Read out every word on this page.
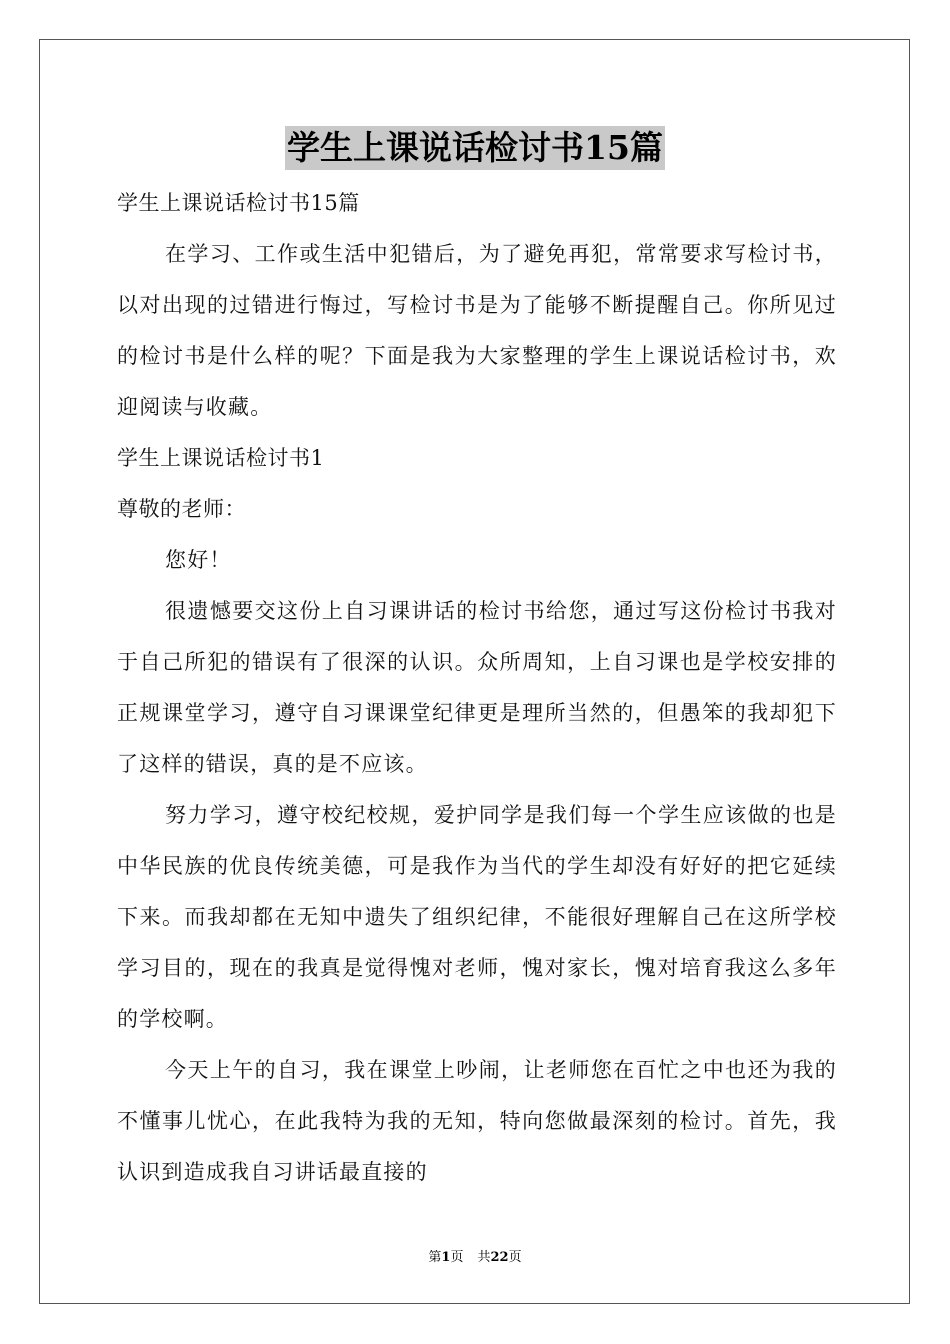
学生上课说话检讨书15篇

学生上课说话检讨书15篇

在学习、工作或生活中犯错后，为了避免再犯，常常要求写检讨书，以对出现的过错进行悔过，写检讨书是为了能够不断提醒自己。你所见过的检讨书是什么样的呢？下面是我为大家整理的学生上课说话检讨书，欢迎阅读与收藏。

学生上课说话检讨书1

尊敬的老师：

您好！

很遗憾要交这份上自习课讲话的检讨书给您，通过写这份检讨书我对于自己所犯的错误有了很深的认识。众所周知，上自习课也是学校安排的正规课堂学习，遵守自习课课堂纪律更是理所当然的，但愚笨的我却犯下了这样的错误，真的是不应该。

努力学习，遵守校纪校规，爱护同学是我们每一个学生应该做的也是中华民族的优良传统美德，可是我作为当代的学生却没有好好的把它延续下来。而我却都在无知中遗失了组织纪律，不能很好理解自己在这所学校学习目的，现在的我真是觉得愧对老师，愧对家长，愧对培育我这么多年的学校啊。

今天上午的自习，我在课堂上吵闹，让老师您在百忙之中也还为我的不懂事儿忧心，在此我特为我的无知，特向您做最深刻的检讨。首先，我认识到造成我自习讲话最直接的

第1页 共22页
